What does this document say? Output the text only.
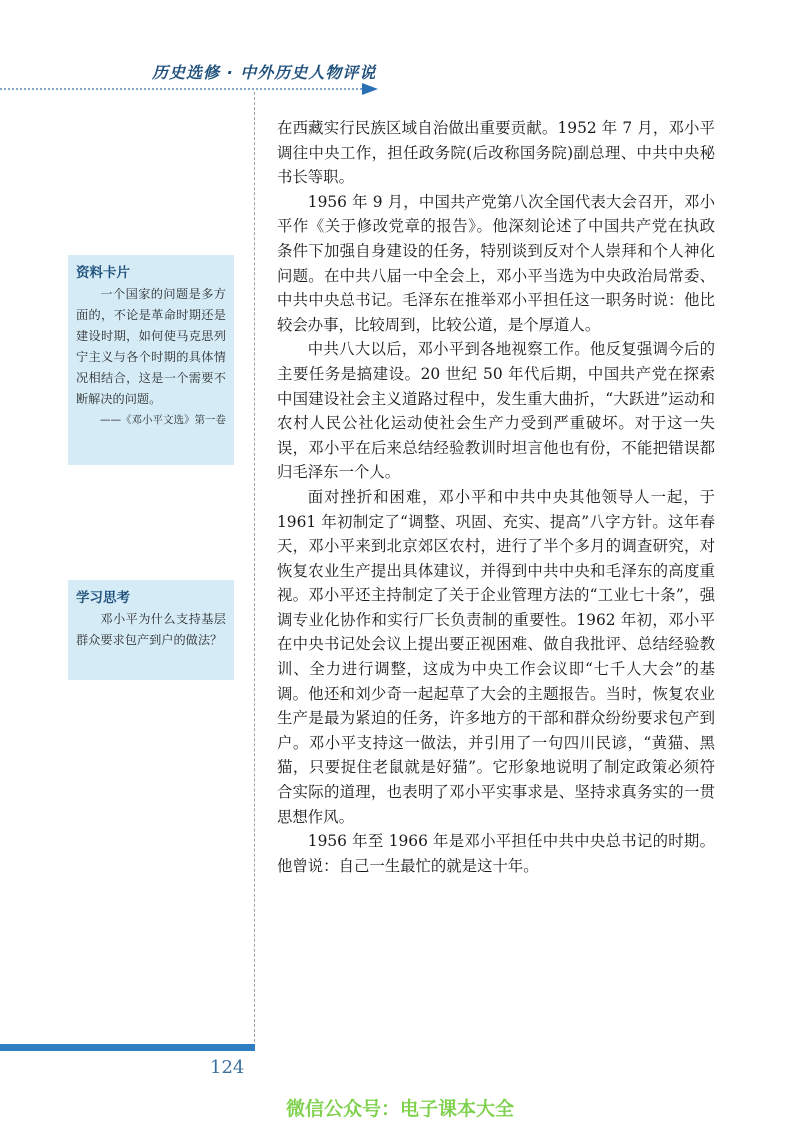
历史选修 · 中外历史人物评说

在西藏实行民族区域自治做出重要贡献。1952 年 7 月，邓小平调往中央工作，担任政务院(后改称国务院)副总理、中共中央秘书长等职。

1956 年 9 月，中国共产党第八次全国代表大会召开，邓小平作《关于修改党章的报告》。他深刻论述了中国共产党在执政条件下加强自身建设的任务，特别谈到反对个人崇拜和个人神化问题。在中共八届一中全会上，邓小平当选为中央政治局常委、中共中央总书记。毛泽东在推举邓小平担任这一职务时说：他比较会办事，比较周到，比较公道，是个厚道人。

中共八大以后，邓小平到各地视察工作。他反复强调今后的主要任务是搞建设。20 世纪 50 年代后期，中国共产党在探索中国建设社会主义道路过程中，发生重大曲折，“大跃进”运动和农村人民公社化运动使社会生产力受到严重破坏。对于这一失误，邓小平在后来总结经验教训时坦言他也有份，不能把错误都归毛泽东一个人。

面对挫折和困难，邓小平和中共中央其他领导人一起，于 1961 年初制定了“调整、巩固、充实、提高”八字方针。这年春天，邓小平来到北京郊区农村，进行了半个多月的调查研究，对恢复农业生产提出具体建议，并得到中共中央和毛泽东的高度重视。邓小平还主持制定了关于企业管理方法的“工业七十条”，强调专业化协作和实行厂长负责制的重要性。1962 年初，邓小平在中央书记处会议上提出要正视困难、做自我批评、总结经验教训、全力进行调整，这成为中央工作会议即“七千人大会”的基调。他还和刘少奇一起起草了大会的主题报告。当时，恢复农业生产是最为紧迫的任务，许多地方的干部和群众纷纷要求包产到户。邓小平支持这一做法，并引用了一句四川民谚，“黄猫、黑猫，只要捉住老鼠就是好猫”。它形象地说明了制定政策必须符合实际的道理，也表明了邓小平实事求是、坚持求真务实的一贯思想作风。

1956 年至 1966 年是邓小平担任中共中央总书记的时期。他曾说：自己一生最忙的就是这十年。

资料卡片

一个国家的问题是多方面的，不论是革命时期还是建设时期，如何使马克思列宁主义与各个时期的具体情况相结合，这是一个需要不断解决的问题。

——《邓小平文选》第一卷
学习思考

邓小平为什么支持基层群众要求包产到户的做法？

124
微信公众号：电子课本大全
